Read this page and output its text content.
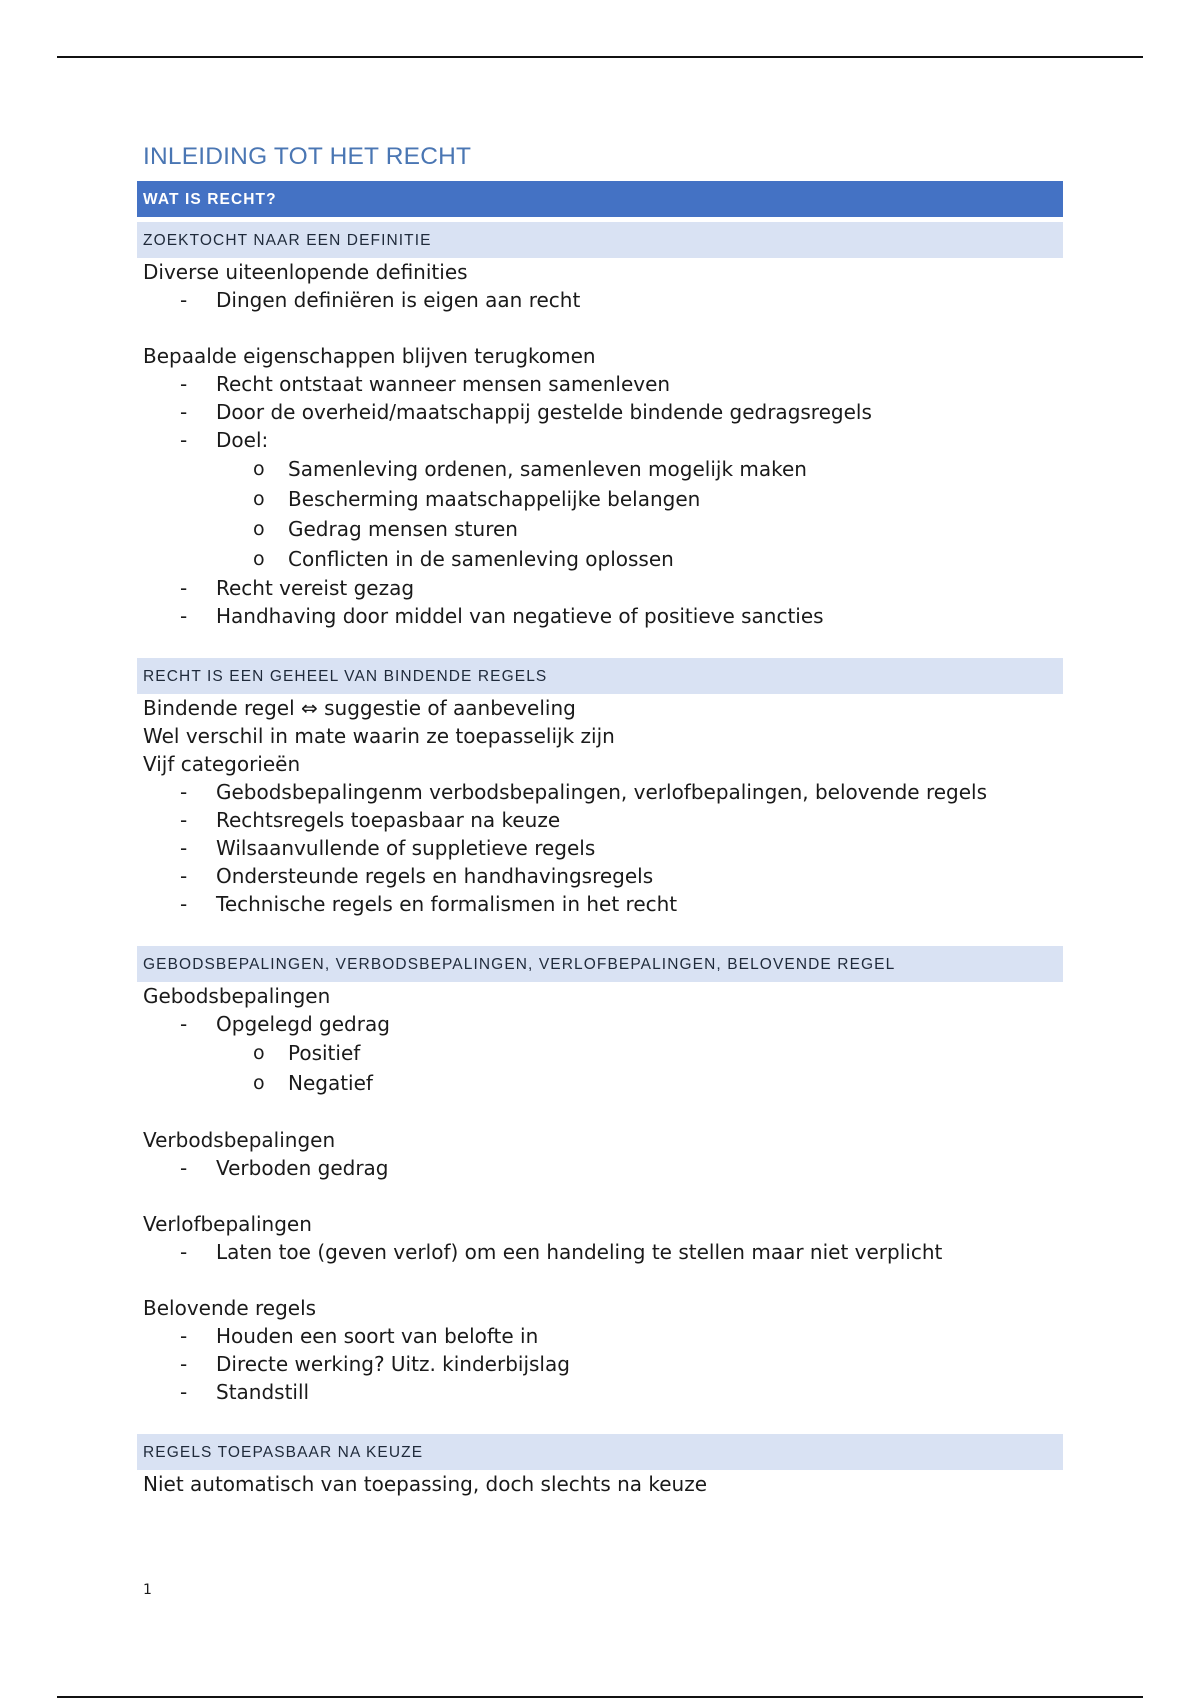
INLEIDING TOT HET RECHT
WAT IS RECHT?
ZOEKTOCHT NAAR EEN DEFINITIE
Diverse uiteenlopende definities
- Dingen definiëren is eigen aan recht
Bepaalde eigenschappen blijven terugkomen
- Recht ontstaat wanneer mensen samenleven
- Door de overheid/maatschappij gestelde bindende gedragsregels
- Doel:
o Samenleving ordenen, samenleven mogelijk maken
o Bescherming maatschappelijke belangen
o Gedrag mensen sturen
o Conflicten in de samenleving oplossen
- Recht vereist gezag
- Handhaving door middel van negatieve of positieve sancties
RECHT IS EEN GEHEEL VAN BINDENDE REGELS
Bindende regel ⇔ suggestie of aanbeveling
Wel verschil in mate waarin ze toepasselijk zijn
Vijf categorieën
- Gebodsbepalingenm verbodsbepalingen, verlofbepalingen, belovende regels
- Rechtsregels toepasbaar na keuze
- Wilsaanvullende of suppletieve regels
- Ondersteunde regels en handhavingsregels
- Technische regels en formalismen in het recht
GEBODSBEPALINGEN, VERBODSBEPALINGEN, VERLOFBEPALINGEN, BELOVENDE REGEL
Gebodsbepalingen
- Opgelegd gedrag
o Positief
o Negatief
Verbodsbepalingen
- Verboden gedrag
Verlofbepalingen
- Laten toe (geven verlof) om een handeling te stellen maar niet verplicht
Belovende regels
- Houden een soort van belofte in
- Directe werking? Uitz. kinderbijslag
- Standstill
REGELS TOEPASBAAR NA KEUZE
Niet automatisch van toepassing, doch slechts na keuze
1
